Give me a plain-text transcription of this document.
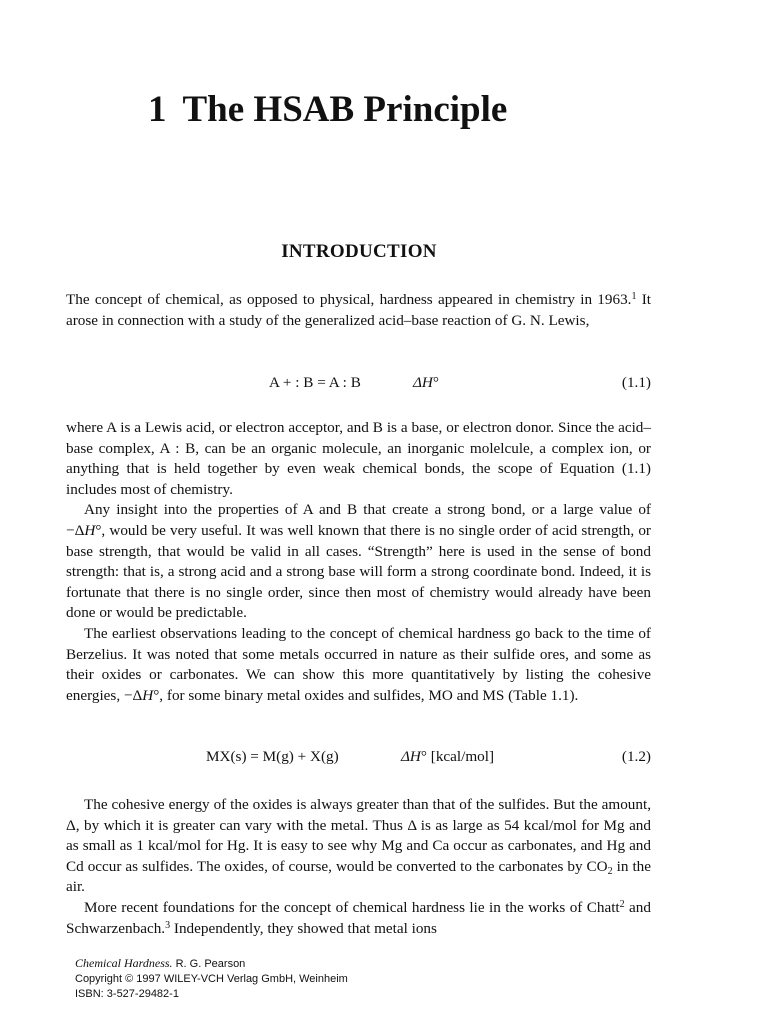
1 The HSAB Principle
INTRODUCTION

The concept of chemical, as opposed to physical, hardness appeared in chemistry in 1963.$^1$ It arose in connection with a study of the generalized acid–base reaction of G. N. Lewis,

A + : B = A : B	ΔH°	(1.1)

where A is a Lewis acid, or electron acceptor, and B is a base, or electron donor. Since the acid–base complex, A : B, can be an organic molecule, an inorganic molelcule, a complex ion, or anything that is held together by even weak chemical bonds, the scope of Equation (1.1) includes most of chemistry.

Any insight into the properties of A and B that create a strong bond, or a large value of −ΔH°, would be very useful. It was well known that there is no single order of acid strength, or base strength, that would be valid in all cases. “Strength” here is used in the sense of bond strength: that is, a strong acid and a strong base will form a strong coordinate bond. Indeed, it is fortunate that there is no single order, since then most of chemistry would already have been done or would be predictable.

The earliest observations leading to the concept of chemical hardness go back to the time of Berzelius. It was noted that some metals occurred in nature as their sulfide ores, and some as their oxides or carbonates. We can show this more quantitatively by listing the cohesive energies, −ΔH°, for some binary metal oxides and sulfides, MO and MS (Table 1.1).

MX(s) = M(g) + X(g)	ΔH° [kcal/mol]	(1.2)

The cohesive energy of the oxides is always greater than that of the sulfides. But the amount, Δ, by which it is greater can vary with the metal. Thus Δ is as large as 54 kcal/mol for Mg and as small as 1 kcal/mol for Hg. It is easy to see why Mg and Ca occur as carbonates, and Hg and Cd occur as sulfides. The oxides, of course, would be converted to the carbonates by $CO_2$ in the air.

More recent foundations for the concept of chemical hardness lie in the works of Chatt$^2$ and Schwarzenbach.$^3$ Independently, they showed that metal ions

Chemical Hardness. R. G. Pearson
Copyright © 1997 WILEY-VCH Verlag GmbH, Weinheim
ISBN: 3-527-29482-1
